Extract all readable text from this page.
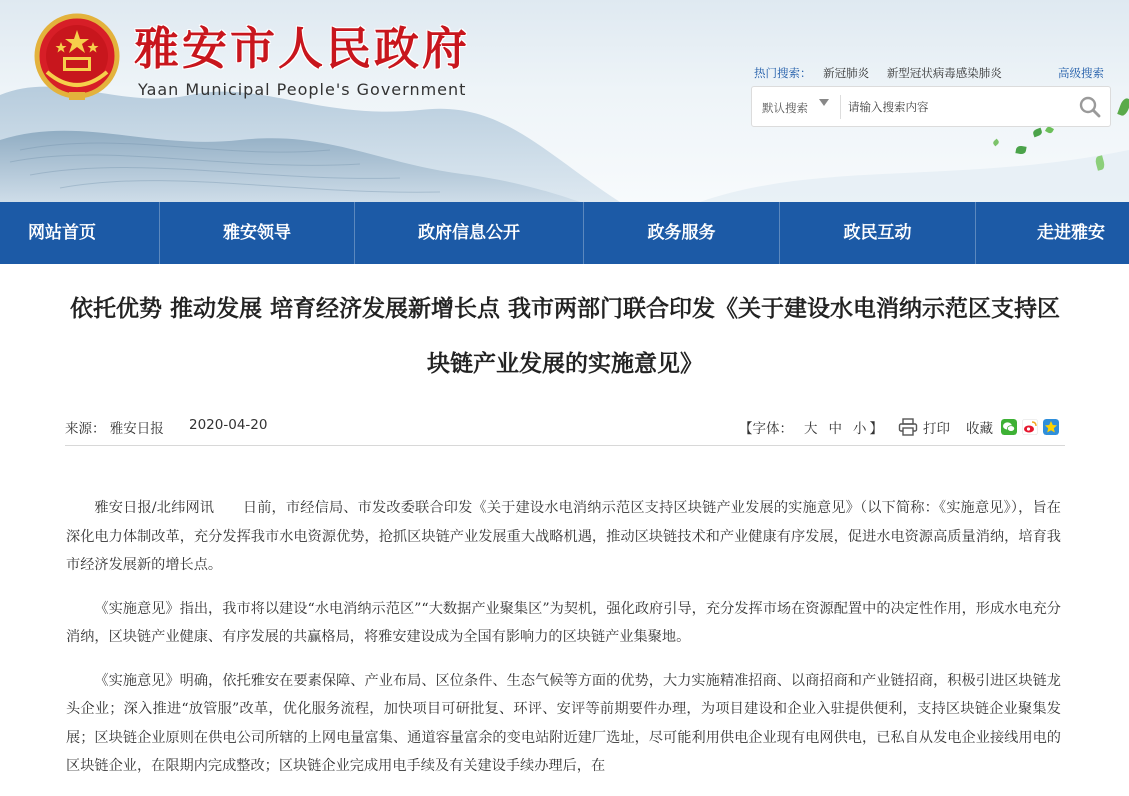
雅安市人民政府
Yaan Municipal People's Government
热门搜索： 新冠肺炎 新型冠状病毒感染肺炎	高级搜索
默认搜索
请输入搜索内容
网站首页	雅安领导	政府信息公开	政务服务	政民互动	走进雅安
依托优势 推动发展 培育经济发展新增长点 我市两部门联合印发《关于建设水电消纳示范区支持区块链产业发展的实施意见》
来源： 雅安日报 2020-04-20	【字体： 大 中 小 】	打印 收藏

雅安日报/北纬网讯　　日前，市经信局、市发改委联合印发《关于建设水电消纳示范区支持区块链产业发展的实施意见》（以下简称：《实施意见》），旨在深化电力体制改革，充分发挥我市水电资源优势，抢抓区块链产业发展重大战略机遇，推动区块链技术和产业健康有序发展，促进水电资源高质量消纳，培育我市经济发展新的增长点。

《实施意见》指出，我市将以建设“水电消纳示范区”“大数据产业聚集区”为契机，强化政府引导，充分发挥市场在资源配置中的决定性作用，形成水电充分消纳，区块链产业健康、有序发展的共赢格局，将雅安建设成为全国有影响力的区块链产业集聚地。

《实施意见》明确，依托雅安在要素保障、产业布局、区位条件、生态气候等方面的优势，大力实施精准招商、以商招商和产业链招商，积极引进区块链龙头企业；深入推进“放管服”改革，优化服务流程，加快项目可研批复、环评、安评等前期要件办理，为项目建设和企业入驻提供便利，支持区块链企业聚集发展；区块链企业原则在供电公司所辖的上网电量富集、通道容量富余的变电站附近建厂选址，尽可能利用供电企业现有电网供电，已私自从发电企业接线用电的区块链企业，在限期内完成整改；区块链企业完成用电手续及有关建设手续办理后，在
